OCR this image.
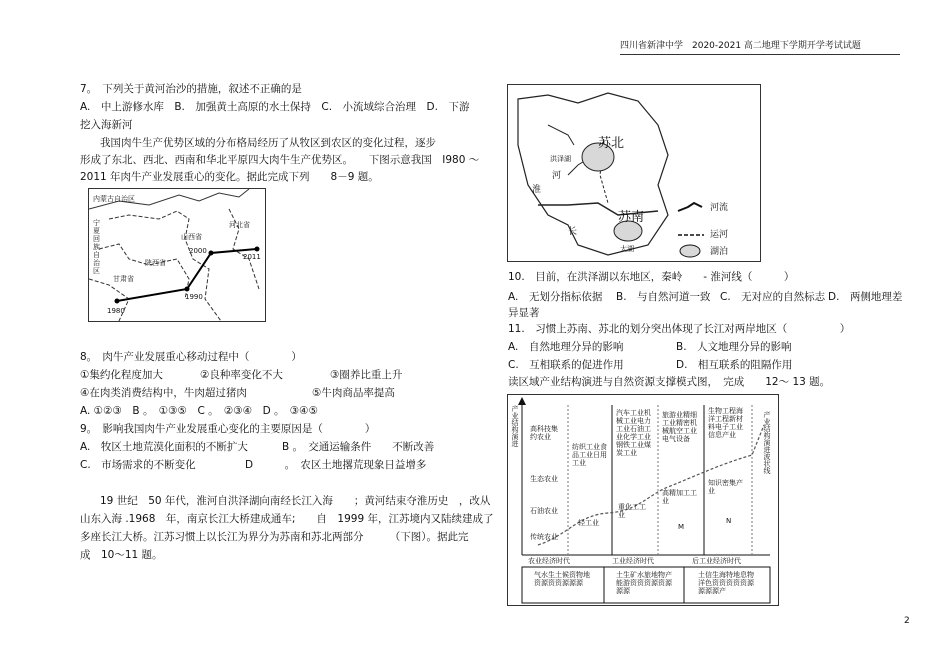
四川省新津中学　2020-2021 高二地理下学期开学考试试题
7。　下列关于黄河治沙的措施，叙述不正确的是
A.　中上游修水库　B.　加强黄土高原的水土保持　C.　小流域综合治理　D.　下游
挖入海新河
我国肉牛生产优势区域的分布格局经历了从牧区到农区的变化过程，逐步
形成了东北、西北、西南和华北平原四大肉牛生产优势区。　　下图示意我国　I980 ～
2011 年肉牛产业发展重心的变化。据此完成下列　　8－9 题。
内蒙古自治区
宁夏回族自治区
山西省
河北省
陕西省
甘肃省
1980
1990
2000
2011
8。　肉牛产业发展重心移动过程中（　　　　）
①集约化程度加大	②良种率变化不大	③圈养比重上升
④在肉类消费结构中，牛肉超过猪肉	⑤牛肉商品率提高
A. ①②③　B 。　①③⑤　C 。　②③④　D 。　③④⑤
9。　影响我国肉牛产业发展重心变化的主要原因是（　　　　）
A.　牧区土地荒漠化面积的不断扩大	B 。　交通运输条件　　不断改善
C.　市场需求的不断变化	D　　　。　农区土地撂荒现象日益增多
19 世纪　50 年代，淮河自洪泽湖向南经长江入海　　；黄河结束夺淮历史　，改从
山东入海 .1968　年，南京长江大桥建成通车;　　自　1999 年，江苏境内又陆续建成了
多座长江大桥。江苏习惯上以长江为界分为苏南和苏北两部分　　　（下图）。据此完
成　10～11 题。
苏北
苏南
洪泽湖
淮
河
长
太湖
河流
运河
湖泊
10.　目前，在洪泽湖以东地区，秦岭　　- 淮河线（　　　）
A.　无划分指标依据 B.　与自然河道一致 C.　无对应的自然标志 D.　两侧地理差
异显著
11.　习惯上苏南、苏北的划分突出体现了长江对两岸地区（　　　　　）
A.　自然地理分异的影响	B.　人文地理分异的影响
C.　互相联系的促进作用	D.　相互联系的阻隔作用
读区域产业结构演进与自然资源支撑模式图，　完成　　12～ 13 题。
产业结构演进	产业结构演进波状线
高科技集约农业
生态农业
石油农业
传统农业
纺织工业食品工业日用工业
轻工业
汽车工业机械工业电力工业石油工业化学工业钢铁工业煤炭工业
重化工工业
旅游业精细工业精密机械航空工业电气设备
高精加工工业
M
生物工程海洋工程新材料电子工业信息产业
知识密集产业
N
农业经济时代	工业经济时代	后工业经济时代
气水生土候资物地资源资资源源源
土生矿水旅地物产能游资资资源资源源源
土信生海特地息物洋色资资资资资源源源源产
2
